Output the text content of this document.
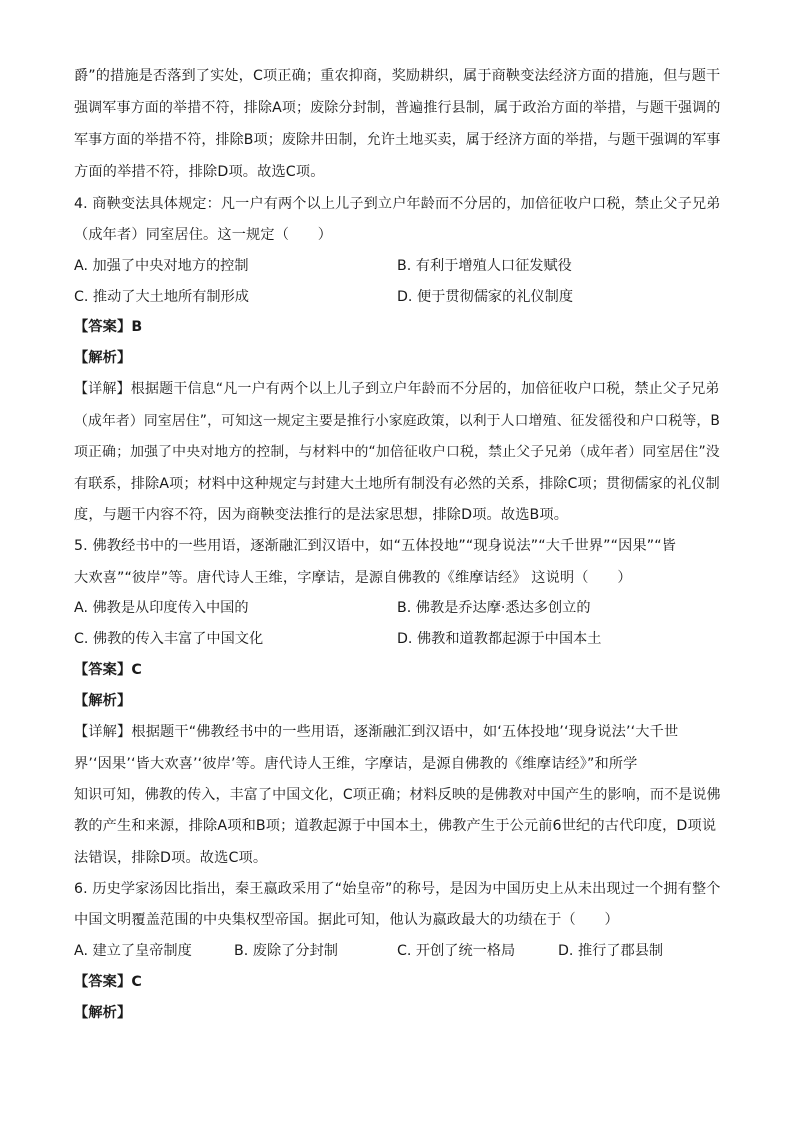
爵”的措施是否落到了实处，C项正确；重农抑商，奖励耕织，属于商鞅变法经济方面的措施，但与题干
强调军事方面的举措不符，排除A项；废除分封制，普遍推行县制，属于政治方面的举措，与题干强调的
军事方面的举措不符，排除B项；废除井田制，允许土地买卖，属于经济方面的举措，与题干强调的军事
方面的举措不符，排除D项。故选C项。
4. 商鞅变法具体规定：凡一户有两个以上儿子到立户年龄而不分居的，加倍征收户口税，禁止父子兄弟
（成年者）同室居住。这一规定（　　）
A. 加强了中央对地方的控制	B. 有利于增殖人口征发赋役
C. 推动了大土地所有制形成	D. 便于贯彻儒家的礼仪制度
【答案】B
【解析】
【详解】根据题干信息“凡一户有两个以上儿子到立户年龄而不分居的，加倍征收户口税，禁止父子兄弟
（成年者）同室居住”，可知这一规定主要是推行小家庭政策，以利于人口增殖、征发徭役和户口税等，B
项正确；加强了中央对地方的控制，与材料中的“加倍征收户口税，禁止父子兄弟（成年者）同室居住”没
有联系，排除A项；材料中这种规定与封建大土地所有制没有必然的关系，排除C项；贯彻儒家的礼仪制
度，与题干内容不符，因为商鞅变法推行的是法家思想，排除D项。故选B项。
5. 佛教经书中的一些用语，逐渐融汇到汉语中，如“五体投地”“现身说法”“大千世界”“因果”“皆
大欢喜”“彼岸”等。唐代诗人王维，字摩诘，是源自佛教的《维摩诘经》 这说明（　　）
A. 佛教是从印度传入中国的	B. 佛教是乔达摩·悉达多创立的
C. 佛教的传入丰富了中国文化	D. 佛教和道教都起源于中国本土
【答案】C
【解析】
【详解】根据题干“佛教经书中的一些用语，逐渐融汇到汉语中，如‘五体投地’‘现身说法’‘大千世
界’‘因果’‘皆大欢喜’‘彼岸’等。唐代诗人王维，字摩诘，是源自佛教的《维摩诘经》”和所学
知识可知，佛教的传入，丰富了中国文化，C项正确；材料反映的是佛教对中国产生的影响，而不是说佛
教的产生和来源，排除A项和B项；道教起源于中国本土，佛教产生于公元前6世纪的古代印度，D项说
法错误，排除D项。故选C项。
6. 历史学家汤因比指出，秦王嬴政采用了“始皇帝”的称号，是因为中国历史上从未出现过一个拥有整个
中国文明覆盖范围的中央集权型帝国。据此可知，他认为嬴政最大的功绩在于（　　）
A. 建立了皇帝制度	B. 废除了分封制	C. 开创了统一格局	D. 推行了郡县制
【答案】C
【解析】
